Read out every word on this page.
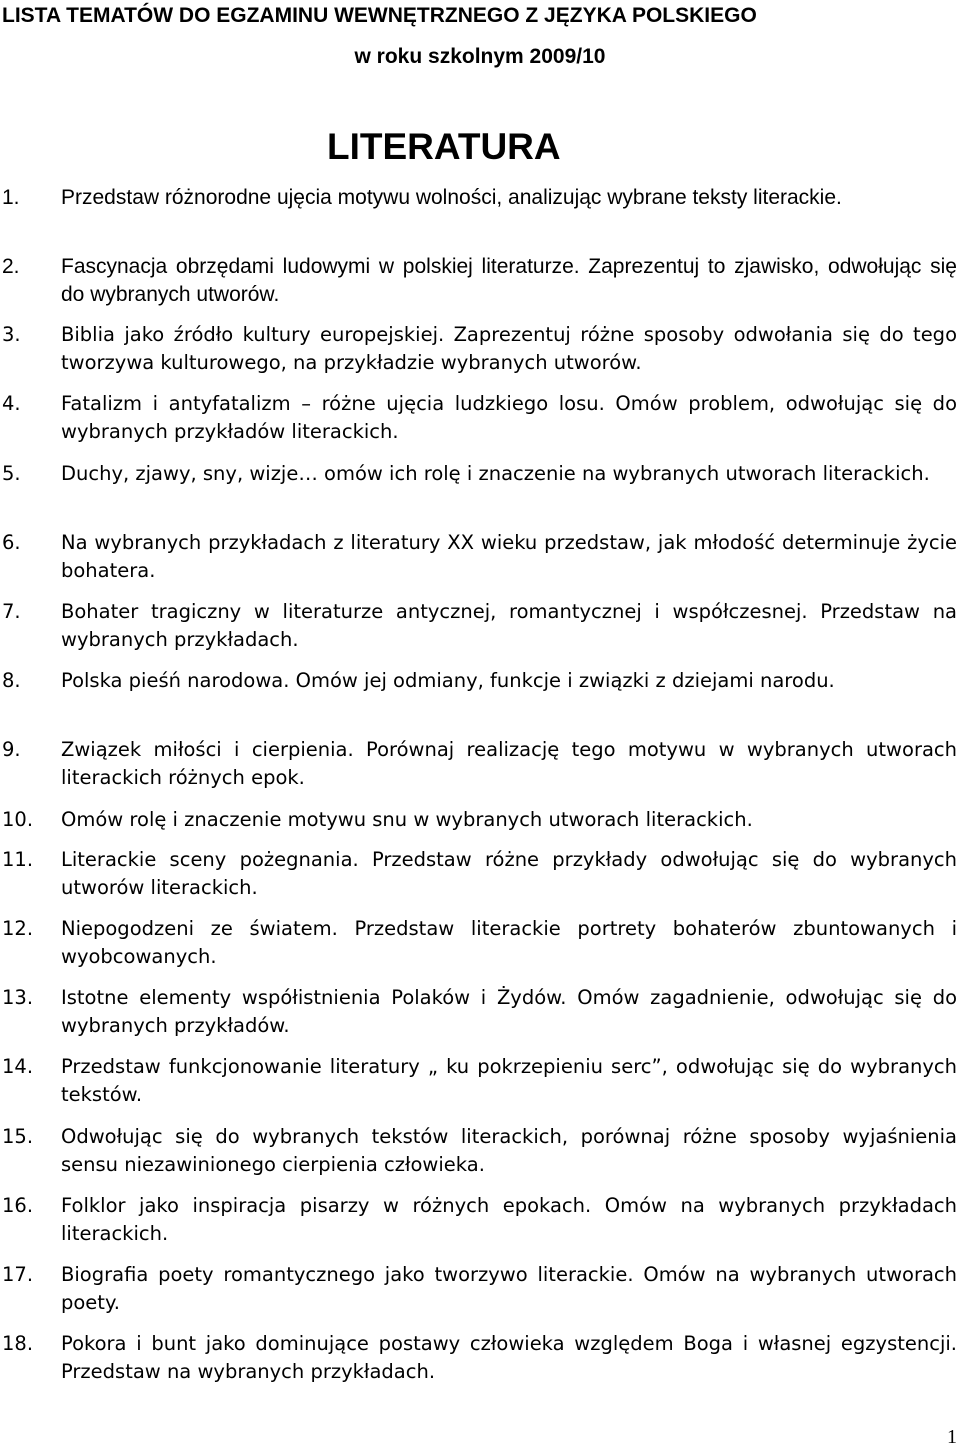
LISTA TEMATÓW DO EGZAMINU WEWNĘTRZNEGO Z JĘZYKA POLSKIEGO
w roku szkolnym 2009/10
LITERATURA
1. Przedstaw różnorodne ujęcia motywu wolności, analizując wybrane teksty literackie.
2. Fascynacja obrzędami ludowymi w polskiej literaturze. Zaprezentuj to zjawisko, odwołując się do wybranych utworów.
3. Biblia jako źródło kultury europejskiej. Zaprezentuj różne sposoby odwołania się do tego tworzywa kulturowego, na przykładzie wybranych utworów.
4. Fatalizm i antyfatalizm – różne ujęcia ludzkiego losu. Omów problem, odwołując się do wybranych przykładów literackich.
5. Duchy, zjawy, sny, wizje… omów ich rolę i znaczenie na wybranych utworach literackich.
6. Na wybranych przykładach z literatury XX wieku przedstaw, jak młodość determinuje życie bohatera.
7. Bohater tragiczny w literaturze antycznej, romantycznej i współczesnej. Przedstaw na wybranych przykładach.
8. Polska pieśń narodowa. Omów jej odmiany, funkcje i związki z dziejami narodu.
9. Związek miłości i cierpienia. Porównaj realizację tego motywu w wybranych utworach literackich różnych epok.
10. Omów rolę i znaczenie motywu snu w wybranych utworach literackich.
11. Literackie sceny pożegnania. Przedstaw różne przykłady odwołując się do wybranych utworów literackich.
12. Niepogodzeni ze światem. Przedstaw literackie portrety bohaterów zbuntowanych i wyobcowanych.
13. Istotne elementy współistnienia Polaków i Żydów. Omów zagadnienie, odwołując się do wybranych przykładów.
14. Przedstaw funkcjonowanie literatury „ ku pokrzepieniu serc”, odwołując się do wybranych tekstów.
15. Odwołując się do wybranych tekstów literackich, porównaj różne sposoby wyjaśnienia sensu niezawinionego cierpienia człowieka.
16. Folklor jako inspiracja pisarzy w różnych epokach. Omów na wybranych przykładach literackich.
17. Biografia poety romantycznego jako tworzywo literackie. Omów na wybranych utworach poety.
18. Pokora i bunt jako dominujące postawy człowieka względem Boga i własnej egzystencji. Przedstaw na wybranych przykładach.
1
